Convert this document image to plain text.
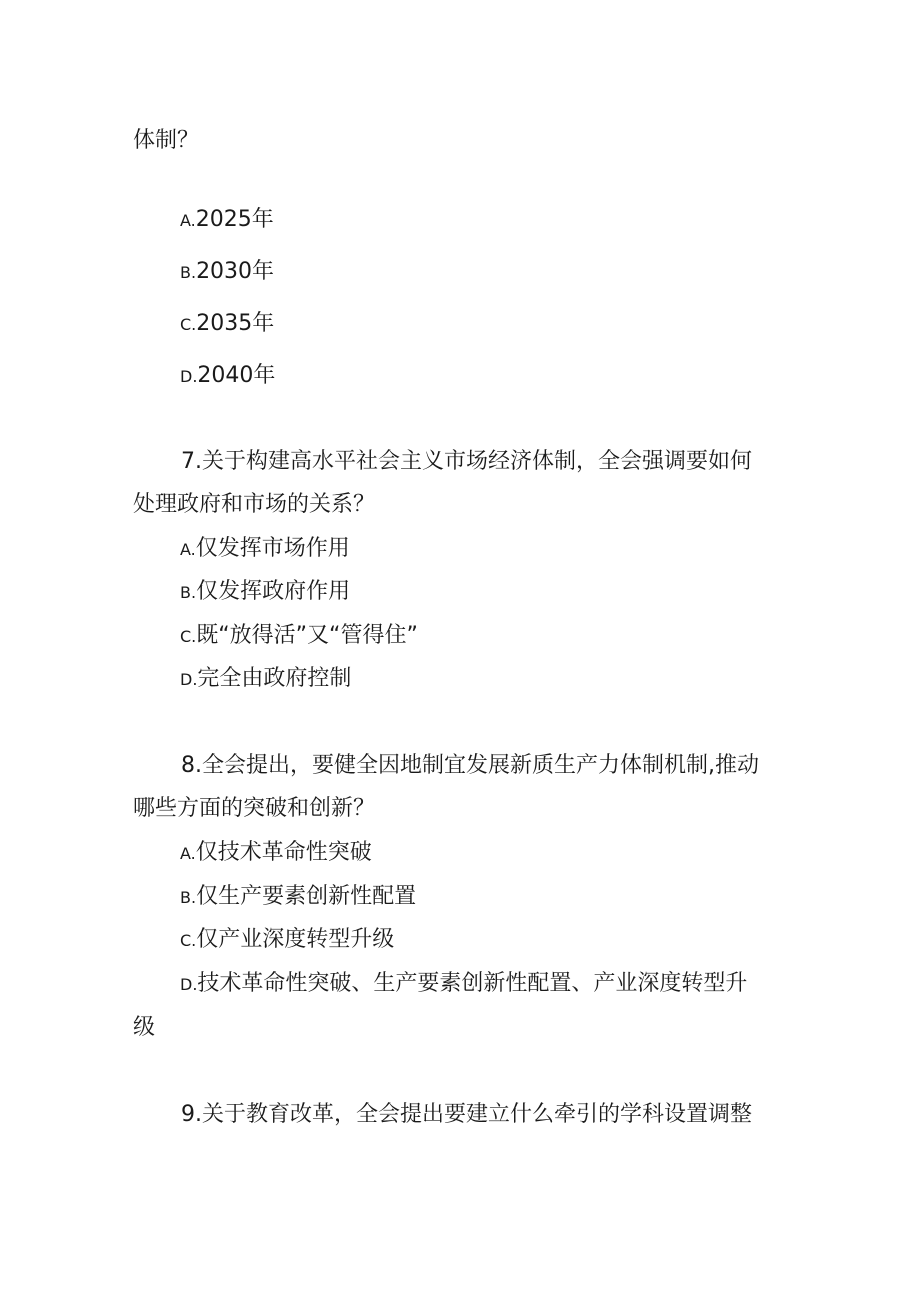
体制？

A.2025年

B.2030年

C.2035年

D.2040年

7.关于构建高水平社会主义市场经济体制，全会强调要如何

处理政府和市场的关系？

A.仅发挥市场作用

B.仅发挥政府作用

C.既“放得活”又“管得住”

D.完全由政府控制

8.全会提出，要健全因地制宜发展新质生产力体制机制,推动

哪些方面的突破和创新？

A.仅技术革命性突破

B.仅生产要素创新性配置

C.仅产业深度转型升级

D.技术革命性突破、生产要素创新性配置、产业深度转型升

级

9.关于教育改革，全会提出要建立什么牵引的学科设置调整
